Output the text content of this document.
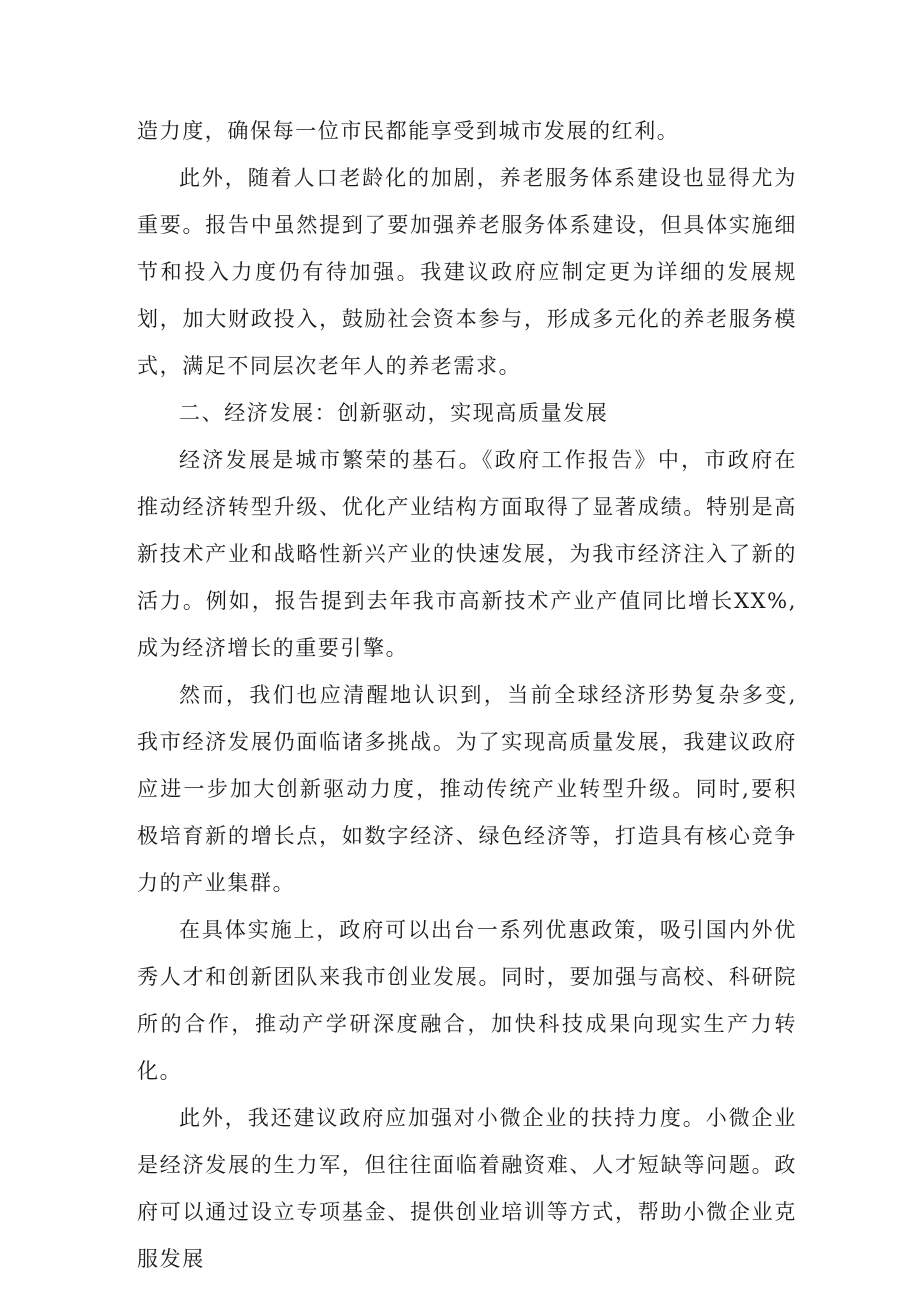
造力度，确保每一位市民都能享受到城市发展的红利。

此外，随着人口老龄化的加剧，养老服务体系建设也显得尤为重要。报告中虽然提到了要加强养老服务体系建设，但具体实施细节和投入力度仍有待加强。我建议政府应制定更为详细的发展规划，加大财政投入，鼓励社会资本参与，形成多元化的养老服务模式，满足不同层次老年人的养老需求。

二、经济发展：创新驱动，实现高质量发展

经济发展是城市繁荣的基石。《政府工作报告》中，市政府在推动经济转型升级、优化产业结构方面取得了显著成绩。特别是高新技术产业和战略性新兴产业的快速发展，为我市经济注入了新的活力。例如，报告提到去年我市高新技术产业产值同比增长XX%,成为经济增长的重要引擎。

然而，我们也应清醒地认识到，当前全球经济形势复杂多变,我市经济发展仍面临诸多挑战。为了实现高质量发展，我建议政府应进一步加大创新驱动力度，推动传统产业转型升级。同时,要积极培育新的增长点，如数字经济、绿色经济等，打造具有核心竞争力的产业集群。

在具体实施上，政府可以出台一系列优惠政策，吸引国内外优秀人才和创新团队来我市创业发展。同时，要加强与高校、科研院所的合作，推动产学研深度融合，加快科技成果向现实生产力转化。

此外，我还建议政府应加强对小微企业的扶持力度。小微企业是经济发展的生力军，但往往面临着融资难、人才短缺等问题。政府可以通过设立专项基金、提供创业培训等方式，帮助小微企业克服发展
